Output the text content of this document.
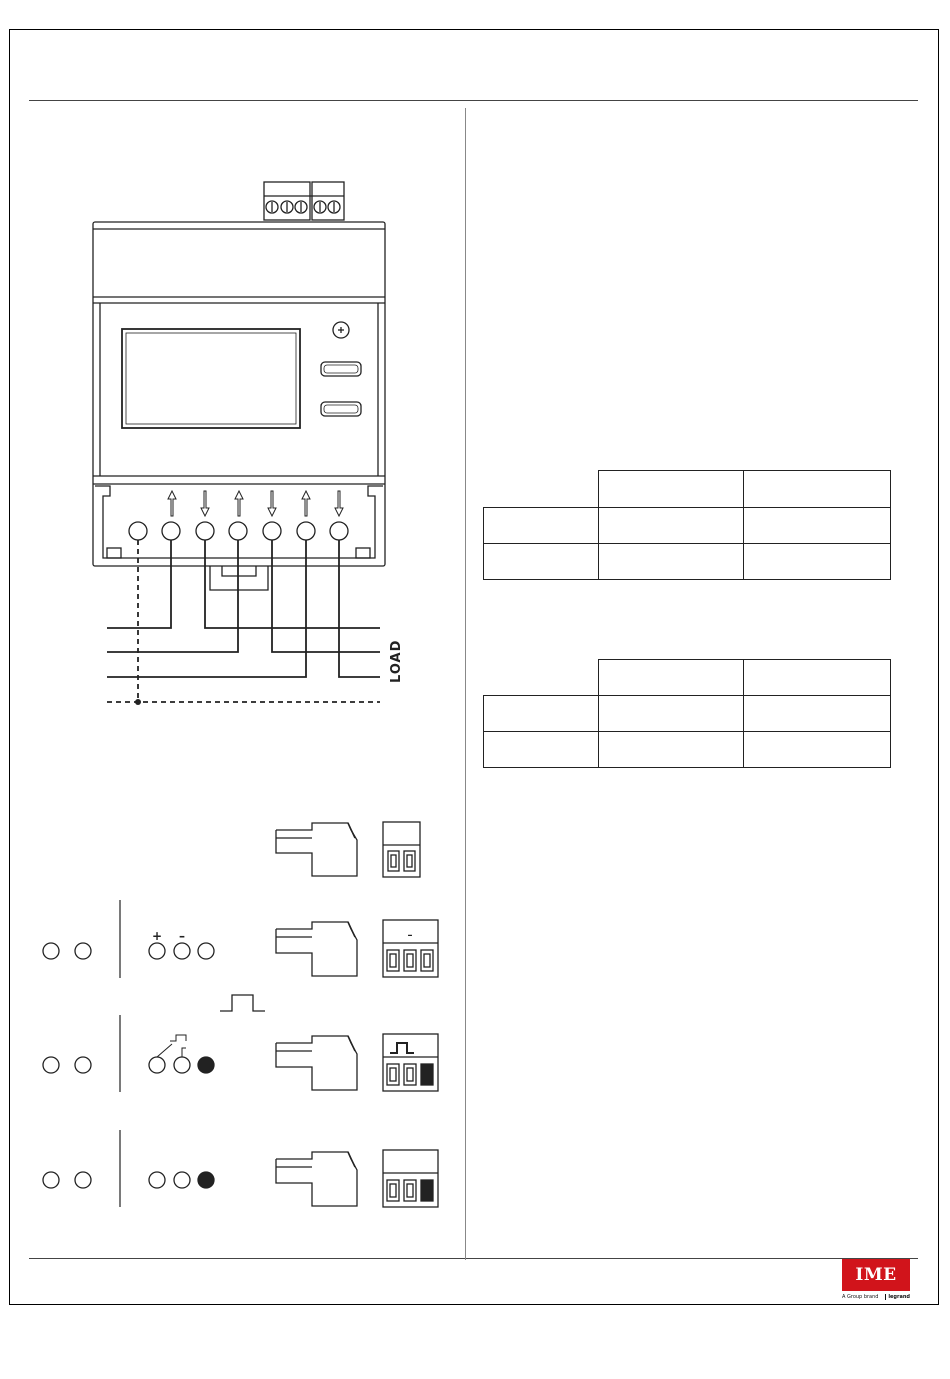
LOAD
+ –	–

IME
A Group brand	legrand
